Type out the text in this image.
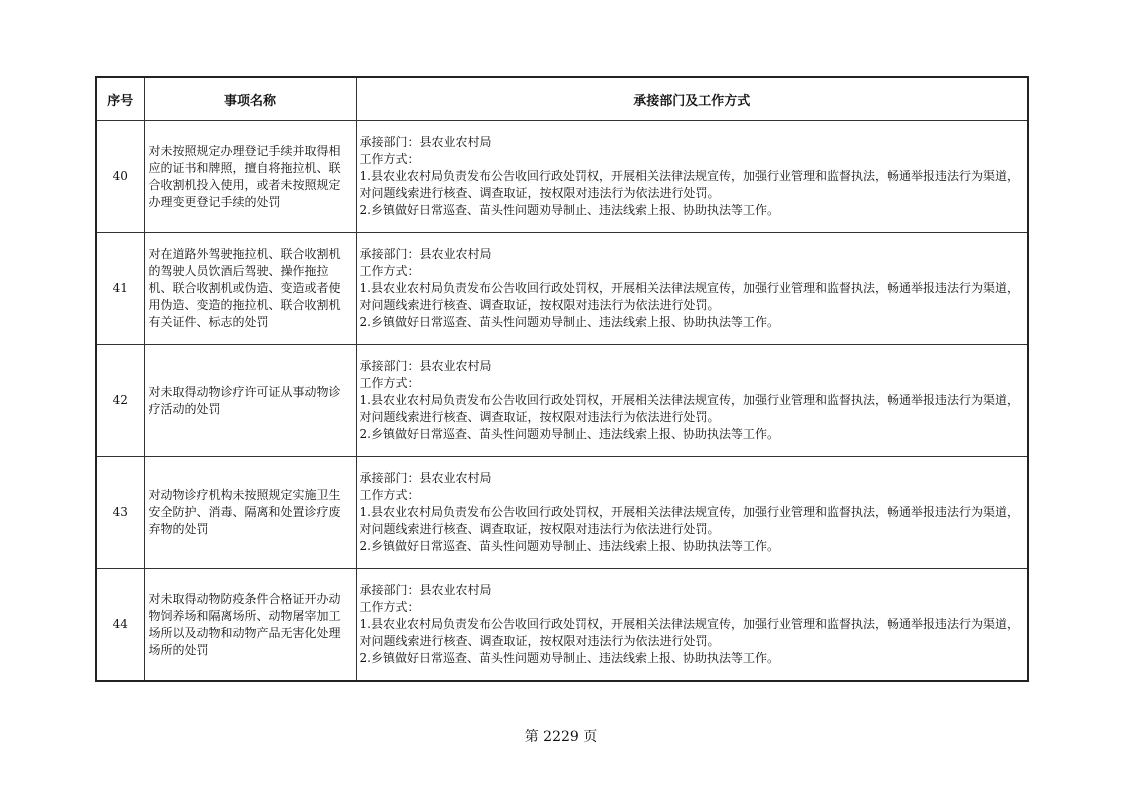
序号	事项名称	承接部门及工作方式
40	对未按照规定办理登记手续并取得相应的证书和牌照，擅自将拖拉机、联合收割机投入使用，或者未按照规定办理变更登记手续的处罚	承接部门：县农业农村局
工作方式：
1.县农业农村局负责发布公告收回行政处罚权，开展相关法律法规宣传，加强行业管理和监督执法，畅通举报违法行为渠道，对问题线索进行核查、调查取证，按权限对违法行为依法进行处罚。
2.乡镇做好日常巡查、苗头性问题劝导制止、违法线索上报、协助执法等工作。

41	对在道路外驾驶拖拉机、联合收割机的驾驶人员饮酒后驾驶、操作拖拉机、联合收割机或伪造、变造或者使用伪造、变造的拖拉机、联合收割机有关证件、标志的处罚	承接部门：县农业农村局
工作方式：
1.县农业农村局负责发布公告收回行政处罚权，开展相关法律法规宣传，加强行业管理和监督执法，畅通举报违法行为渠道，对问题线索进行核查、调查取证，按权限对违法行为依法进行处罚。
2.乡镇做好日常巡查、苗头性问题劝导制止、违法线索上报、协助执法等工作。

42	对未取得动物诊疗许可证从事动物诊疗活动的处罚	承接部门：县农业农村局
工作方式：
1.县农业农村局负责发布公告收回行政处罚权，开展相关法律法规宣传，加强行业管理和监督执法，畅通举报违法行为渠道，对问题线索进行核查、调查取证，按权限对违法行为依法进行处罚。
2.乡镇做好日常巡查、苗头性问题劝导制止、违法线索上报、协助执法等工作。

43	对动物诊疗机构未按照规定实施卫生安全防护、消毒、隔离和处置诊疗废弃物的处罚	承接部门：县农业农村局
工作方式：
1.县农业农村局负责发布公告收回行政处罚权，开展相关法律法规宣传，加强行业管理和监督执法，畅通举报违法行为渠道，对问题线索进行核查、调查取证，按权限对违法行为依法进行处罚。
2.乡镇做好日常巡查、苗头性问题劝导制止、违法线索上报、协助执法等工作。

44	对未取得动物防疫条件合格证开办动物饲养场和隔离场所、动物屠宰加工场所以及动物和动物产品无害化处理场所的处罚	承接部门：县农业农村局
工作方式：
1.县农业农村局负责发布公告收回行政处罚权，开展相关法律法规宣传，加强行业管理和监督执法，畅通举报违法行为渠道，对问题线索进行核查、调查取证，按权限对违法行为依法进行处罚。
2.乡镇做好日常巡查、苗头性问题劝导制止、违法线索上报、协助执法等工作。
第 2229 页
